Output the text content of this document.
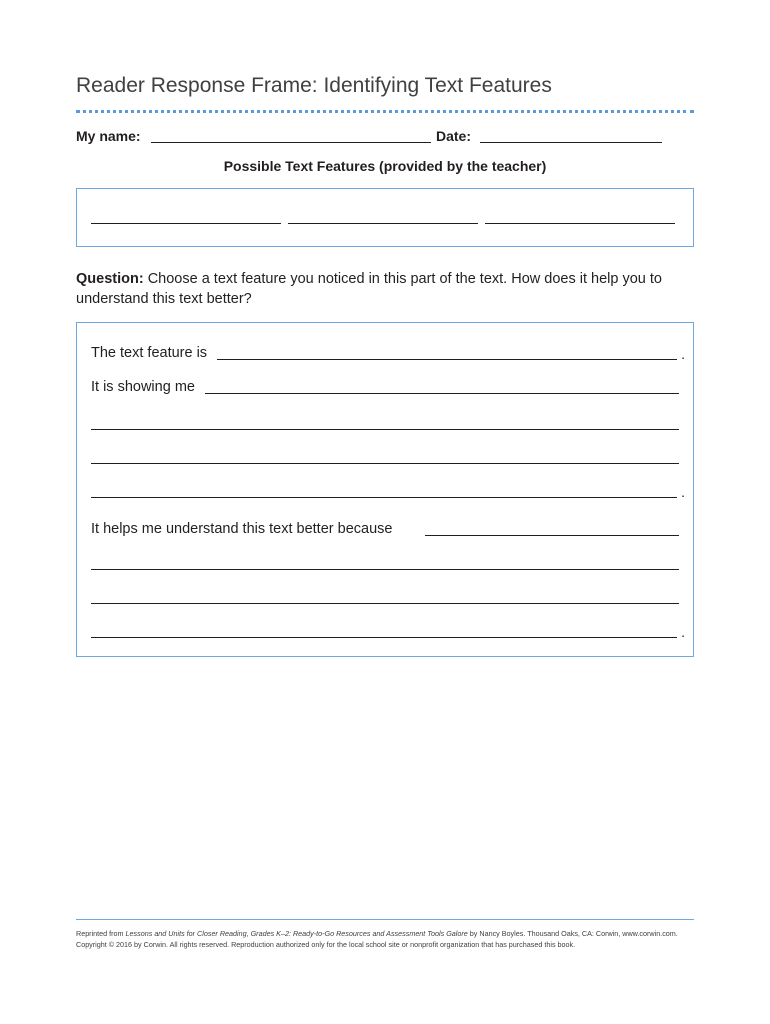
Reader Response Frame: Identifying Text Features
My name:	Date:
Possible Text Features (provided by the teacher)
Question: Choose a text feature you noticed in this part of the text. How does it help you to understand this text better?
The text feature is	.
It is showing me
.
It helps me understand this text better because
.
Reprinted from Lessons and Units for Closer Reading, Grades K–2: Ready-to-Go Resources and Assessment Tools Galore by Nancy Boyles. Thousand Oaks, CA: Corwin, www.corwin.com.
Copyright © 2016 by Corwin. All rights reserved. Reproduction authorized only for the local school site or nonprofit organization that has purchased this book.
